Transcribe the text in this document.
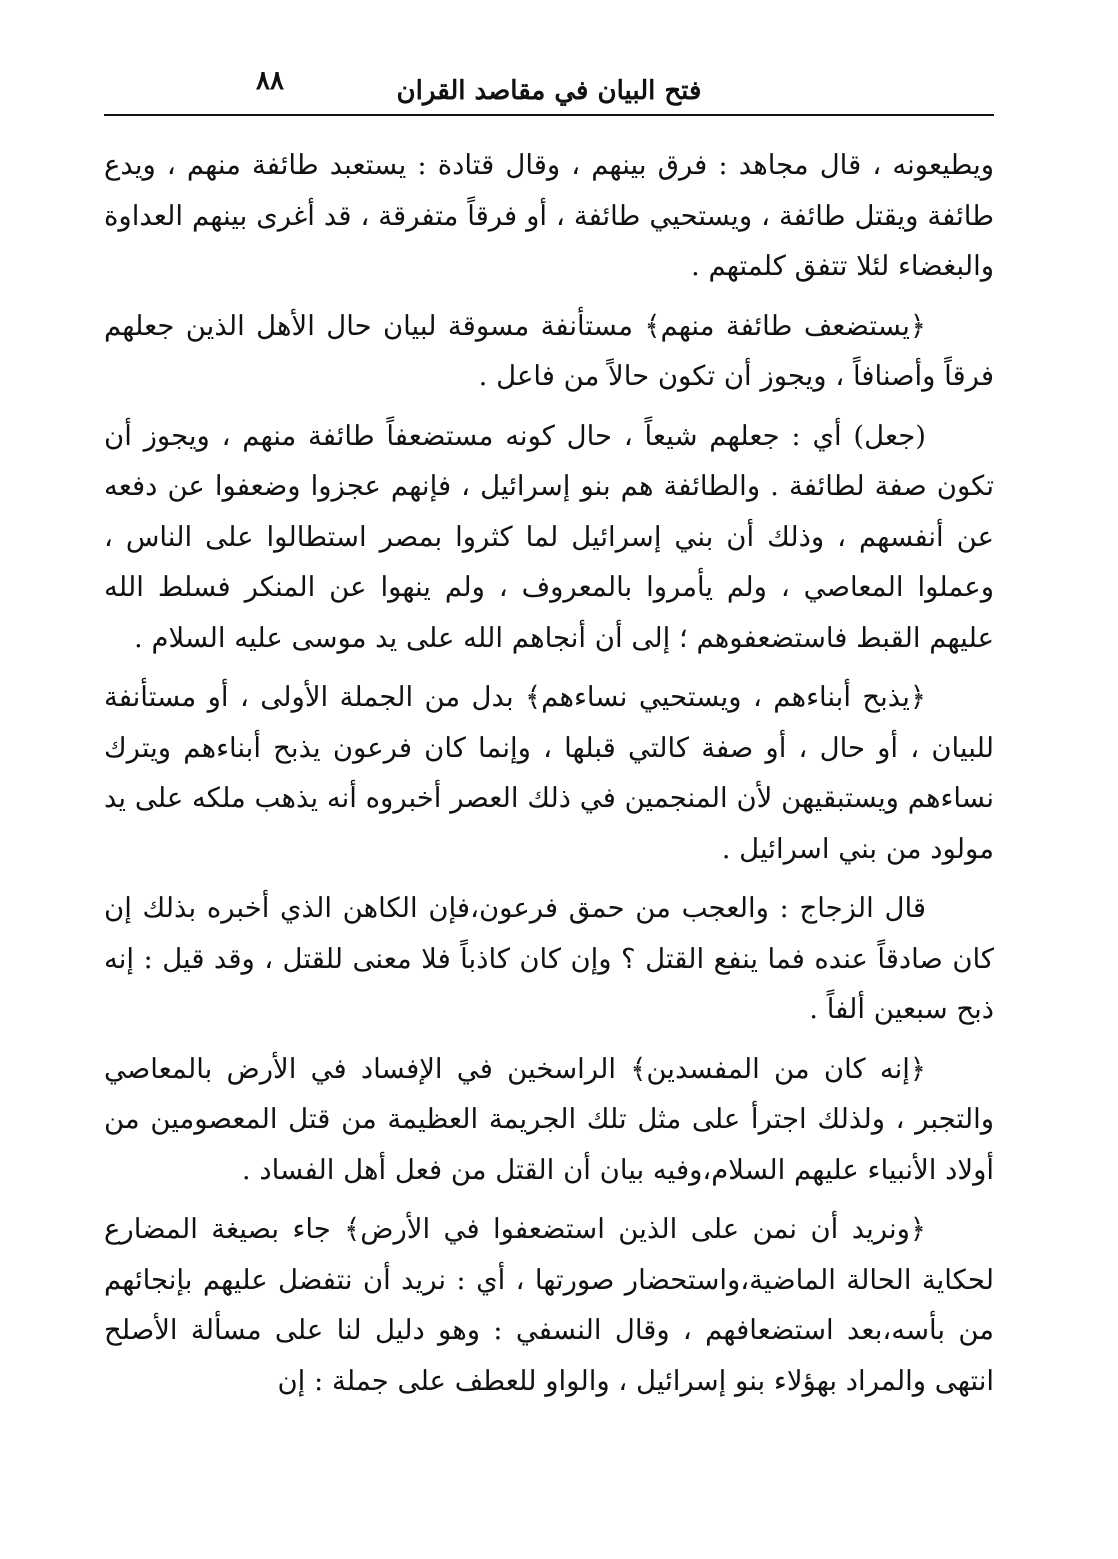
فتح البيان في مقاصد القران
٨٨

ويطيعونه ، قال مجاهد : فرق بينهم ، وقال قتادة : يستعبد طائفة منهم ، ويدع طائفة ويقتل طائفة ، ويستحيي طائفة ، أو فرقاً متفرقة ، قد أغرى بينهم العداوة والبغضاء لئلا تتفق كلمتهم .

﴿يستضعف طائفة منهم﴾ مستأنفة مسوقة لبيان حال الأهل الذين جعلهم فرقاً وأصنافاً ، ويجوز أن تكون حالاً من فاعل .

(جعل) أي : جعلهم شيعاً ، حال كونه مستضعفاً طائفة منهم ، ويجوز أن تكون صفة لطائفة . والطائفة هم بنو إسرائيل ، فإنهم عجزوا وضعفوا عن دفعه عن أنفسهم ، وذلك أن بني إسرائيل لما كثروا بمصر استطالوا على الناس ، وعملوا المعاصي ، ولم يأمروا بالمعروف ، ولم ينهوا عن المنكر فسلط الله عليهم القبط فاستضعفوهم ؛ إلى أن أنجاهم الله على يد موسى عليه السلام .

﴿يذبح أبناءهم ، ويستحيي نساءهم﴾ بدل من الجملة الأولى ، أو مستأنفة للبيان ، أو حال ، أو صفة كالتي قبلها ، وإنما كان فرعون يذبح أبناءهم ويترك نساءهم ويستبقيهن لأن المنجمين في ذلك العصر أخبروه أنه يذهب ملكه على يد مولود من بني اسرائيل .

قال الزجاج : والعجب من حمق فرعون،فإن الكاهن الذي أخبره بذلك إن كان صادقاً عنده فما ينفع القتل ؟ وإن كان كاذباً فلا معنى للقتل ، وقد قيل : إنه ذبح سبعين ألفاً .

﴿إنه كان من المفسدين﴾ الراسخين في الإفساد في الأرض بالمعاصي والتجبر ، ولذلك اجترأ على مثل تلك الجريمة العظيمة من قتل المعصومين من أولاد الأنبياء عليهم السلام،وفيه بيان أن القتل من فعل أهل الفساد .

﴿ونريد أن نمن على الذين استضعفوا في الأرض﴾ جاء بصيغة المضارع لحكاية الحالة الماضية،واستحضار صورتها ، أي : نريد أن نتفضل عليهم بإنجائهم من بأسه،بعد استضعافهم ، وقال النسفي : وهو دليل لنا على مسألة الأصلح انتهى والمراد بهؤلاء بنو إسرائيل ، والواو للعطف على جملة : إن
